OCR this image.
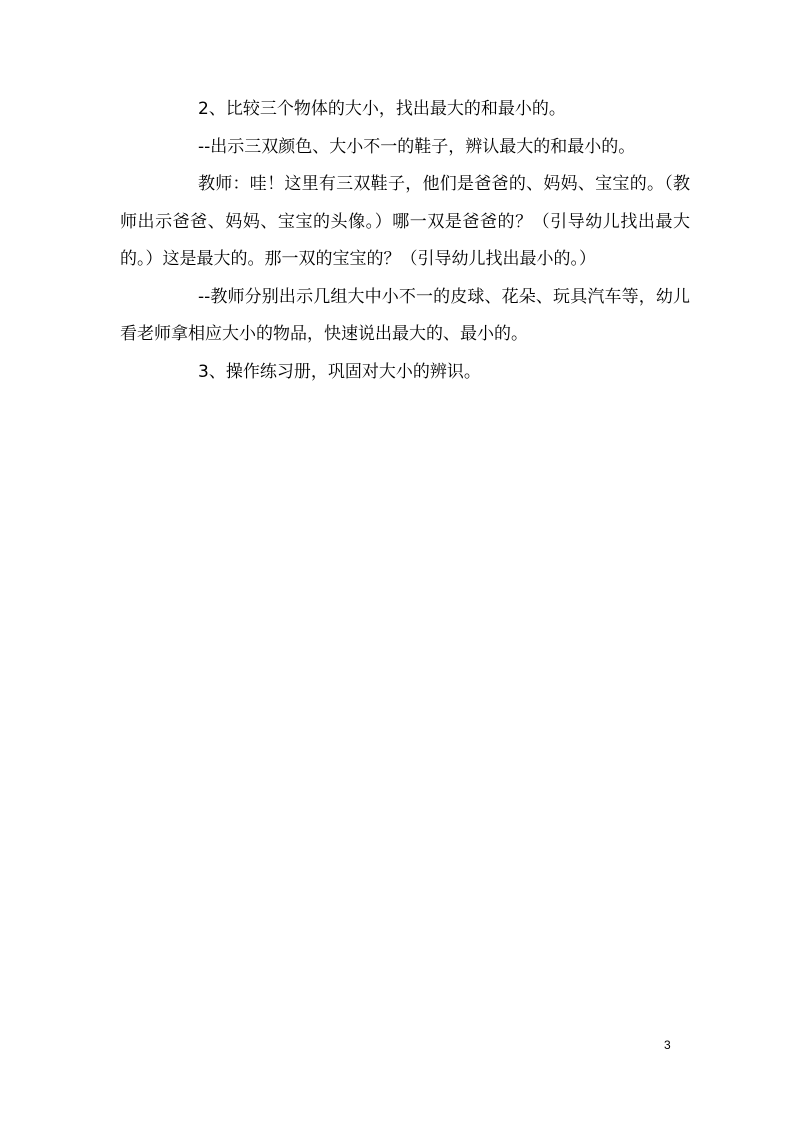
2、比较三个物体的大小，找出最大的和最小的。

--出示三双颜色、大小不一的鞋子，辨认最大的和最小的。

教师：哇！这里有三双鞋子，他们是爸爸的、妈妈、宝宝的。（教师出示爸爸、妈妈、宝宝的头像。）哪一双是爸爸的？（引导幼儿找出最大的。）这是最大的。那一双的宝宝的？（引导幼儿找出最小的。）

--教师分别出示几组大中小不一的皮球、花朵、玩具汽车等，幼儿看老师拿相应大小的物品，快速说出最大的、最小的。

3、操作练习册，巩固对大小的辨识。

3
